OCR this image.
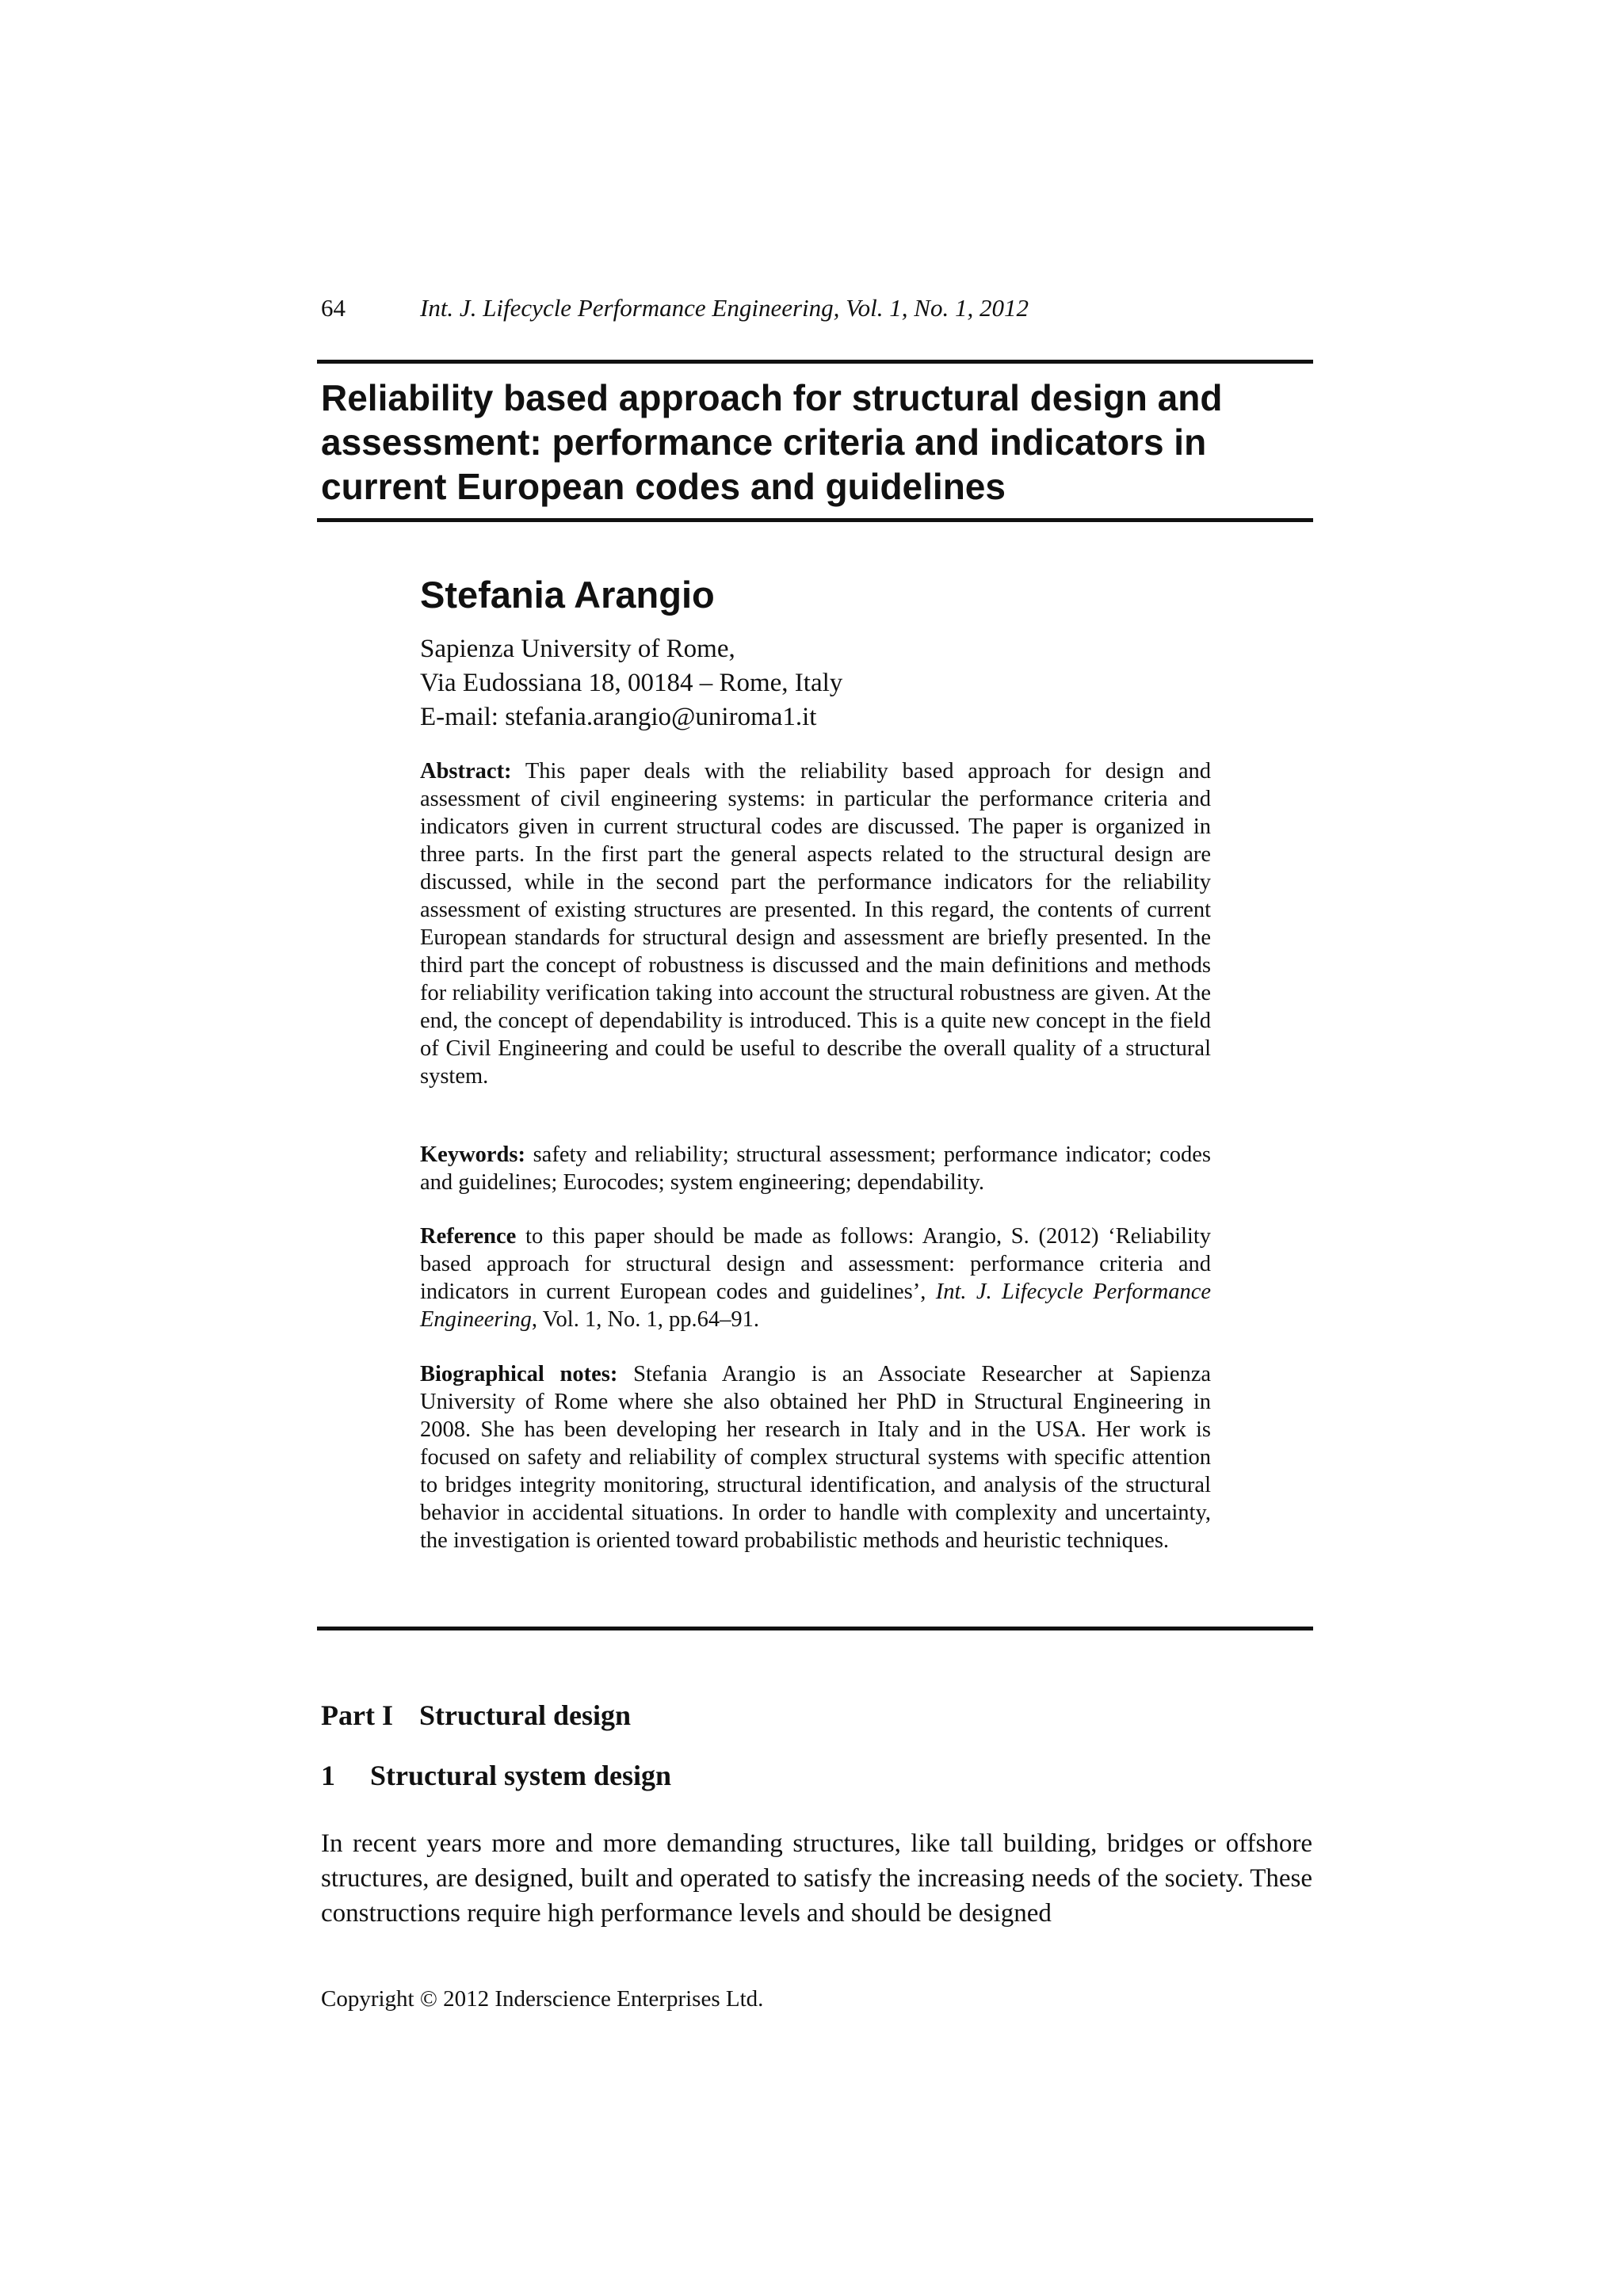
64	Int. J. Lifecycle Performance Engineering, Vol. 1, No. 1, 2012
Reliability based approach for structural design and assessment: performance criteria and indicators in current European codes and guidelines
Stefania Arangio
Sapienza University of Rome,
Via Eudossiana 18, 00184 – Rome, Italy
E-mail: stefania.arangio@uniroma1.it

Abstract: This paper deals with the reliability based approach for design and assessment of civil engineering systems: in particular the performance criteria and indicators given in current structural codes are discussed. The paper is organized in three parts. In the first part the general aspects related to the structural design are discussed, while in the second part the performance indicators for the reliability assessment of existing structures are presented. In this regard, the contents of current European standards for structural design and assessment are briefly presented. In the third part the concept of robustness is discussed and the main definitions and methods for reliability verification taking into account the structural robustness are given. At the end, the concept of dependability is introduced. This is a quite new concept in the field of Civil Engineering and could be useful to describe the overall quality of a structural system.

Keywords: safety and reliability; structural assessment; performance indicator; codes and guidelines; Eurocodes; system engineering; dependability.

Reference to this paper should be made as follows: Arangio, S. (2012) ‘Reliability based approach for structural design and assessment: performance criteria and indicators in current European codes and guidelines’, Int. J. Lifecycle Performance Engineering, Vol. 1, No. 1, pp.64–91.

Biographical notes: Stefania Arangio is an Associate Researcher at Sapienza University of Rome where she also obtained her PhD in Structural Engineering in 2008. She has been developing her research in Italy and in the USA. Her work is focused on safety and reliability of complex structural systems with specific attention to bridges integrity monitoring, structural identification, and analysis of the structural behavior in accidental situations. In order to handle with complexity and uncertainty, the investigation is oriented toward probabilistic methods and heuristic techniques.

Part I Structural design
1 Structural system design

In recent years more and more demanding structures, like tall building, bridges or offshore structures, are designed, built and operated to satisfy the increasing needs of the society. These constructions require high performance levels and should be designed

Copyright © 2012 Inderscience Enterprises Ltd.
